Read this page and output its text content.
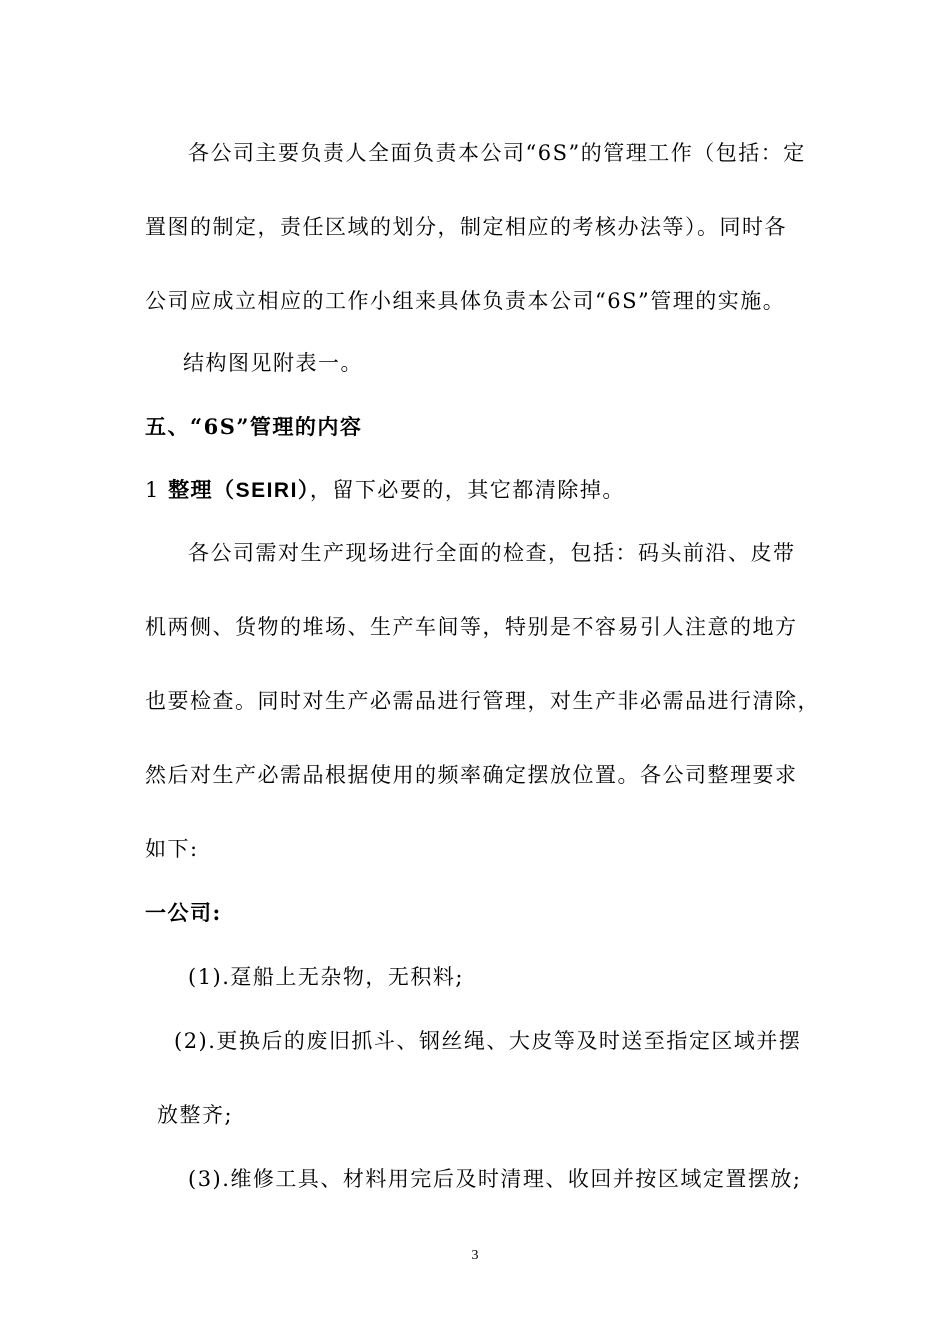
各公司主要负责人全面负责本公司“6S”的管理工作（包括：定
置图的制定，责任区域的划分，制定相应的考核办法等）。同时各
公司应成立相应的工作小组来具体负责本公司“6S”管理的实施。
结构图见附表一。
五、“6S”管理的内容
1 整理（SEIRI），留下必要的，其它都清除掉。
各公司需对生产现场进行全面的检查，包括：码头前沿、皮带
机两侧、货物的堆场、生产车间等，特别是不容易引人注意的地方
也要检查。同时对生产必需品进行管理，对生产非必需品进行清除，
然后对生产必需品根据使用的频率确定摆放位置。各公司整理要求
如下:
一公司:
(1).趸船上无杂物，无积料;
(2).更换后的废旧抓斗、钢丝绳、大皮等及时送至指定区域并摆
放整齐;
(3).维修工具、材料用完后及时清理、收回并按区域定置摆放;
3
